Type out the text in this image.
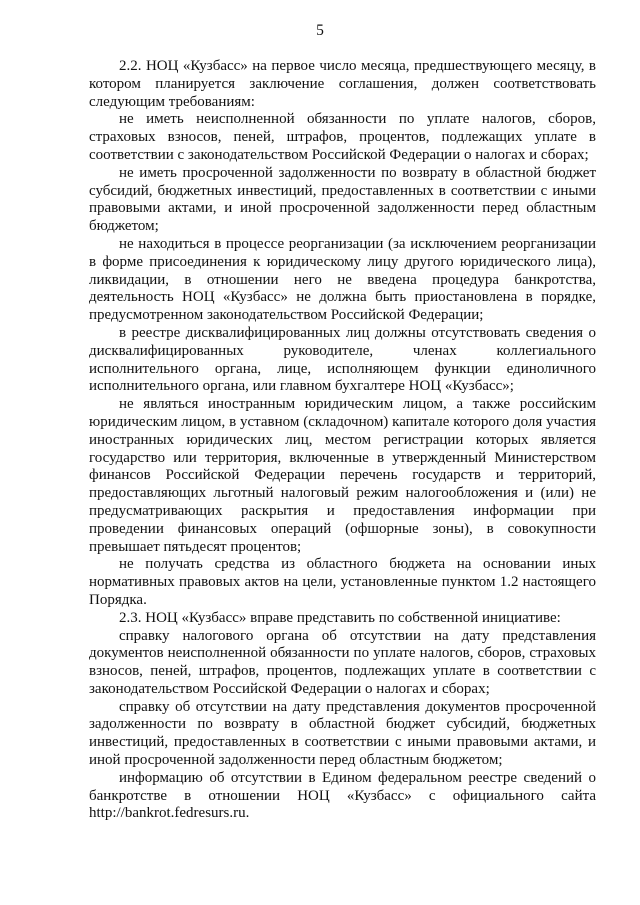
5

2.2. НОЦ «Кузбасс» на первое число месяца, предшествующего месяцу, в котором планируется заключение соглашения, должен соответствовать следующим требованиям:

не иметь неисполненной обязанности по уплате налогов, сборов, страховых взносов, пеней, штрафов, процентов, подлежащих уплате в соответствии с законодательством Российской Федерации о налогах и сборах;

не иметь просроченной задолженности по возврату в областной бюджет субсидий, бюджетных инвестиций, предоставленных в соответствии с иными правовыми актами, и иной просроченной задолженности перед областным бюджетом;

не находиться в процессе реорганизации (за исключением реорганизации в форме присоединения к юридическому лицу другого юридического лица), ликвидации, в отношении него не введена процедура банкротства, деятельность НОЦ «Кузбасс» не должна быть приостановлена в порядке, предусмотренном законодательством Российской Федерации;

в реестре дисквалифицированных лиц должны отсутствовать сведения о дисквалифицированных руководителе, членах коллегиального исполнительного органа, лице, исполняющем функции единоличного исполнительного органа, или главном бухгалтере НОЦ «Кузбасс»;

не являться иностранным юридическим лицом, а также российским юридическим лицом, в уставном (складочном) капитале которого доля участия иностранных юридических лиц, местом регистрации которых является государство или территория, включенные в утвержденный Министерством финансов Российской Федерации перечень государств и территорий, предоставляющих льготный налоговый режим налогообложения и (или) не предусматривающих раскрытия и предоставления информации при проведении финансовых операций (офшорные зоны), в совокупности превышает пятьдесят процентов;

не получать средства из областного бюджета на основании иных нормативных правовых актов на цели, установленные пунктом 1.2 настоящего Порядка.

2.3. НОЦ «Кузбасс» вправе представить по собственной инициативе:

справку налогового органа об отсутствии на дату представления документов неисполненной обязанности по уплате налогов, сборов, страховых взносов, пеней, штрафов, процентов, подлежащих уплате в соответствии с законодательством Российской Федерации о налогах и сборах;

справку об отсутствии на дату представления документов просроченной задолженности по возврату в областной бюджет субсидий, бюджетных инвестиций, предоставленных в соответствии с иными правовыми актами, и иной просроченной задолженности перед областным бюджетом;

информацию об отсутствии в Едином федеральном реестре сведений о банкротстве в отношении НОЦ «Кузбасс» с официального сайта http://bankrot.fedresurs.ru.
